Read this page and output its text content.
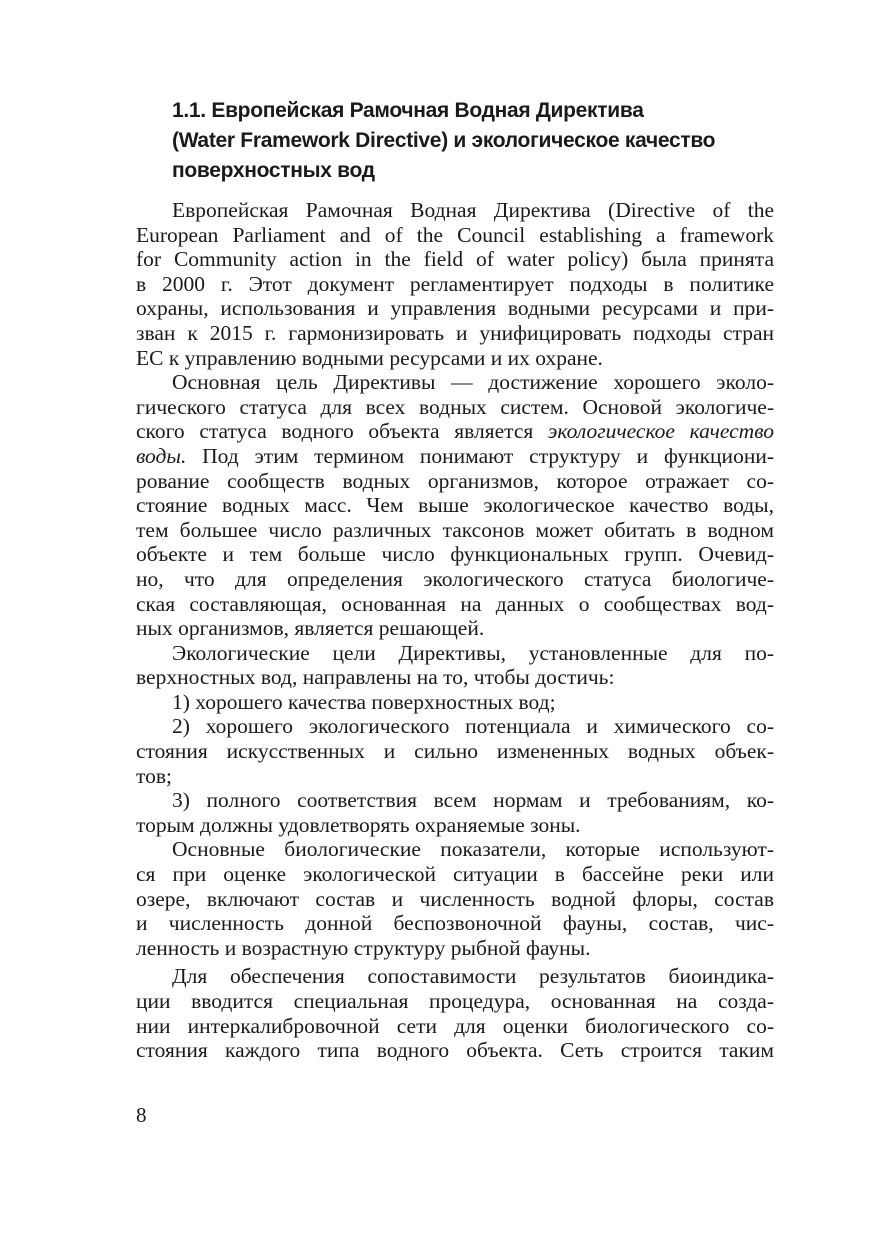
1.1. Европейская Рамочная Водная Директива
(Water Framework Directive) и экологическое качество
поверхностных вод

Европейская Рамочная Водная Директива (Directive of the
European Parliament and of the Council establishing a framework
for Community action in the field of water policy) была принята
в 2000 г. Этот документ регламентирует подходы в политике
охраны, использования и управления водными ресурсами и при-
зван к 2015 г. гармонизировать и унифицировать подходы стран
ЕС к управлению водными ресурсами и их охране.

Основная цель Директивы — достижение хорошего эколо-
гического статуса для всех водных систем. Основой экологиче-
ского статуса водного объекта является экологическое качество
воды. Под этим термином понимают структуру и функциони-
рование сообществ водных организмов, которое отражает со-
стояние водных масс. Чем выше экологическое качество воды,
тем большее число различных таксонов может обитать в водном
объекте и тем больше число функциональных групп. Очевид-
но, что для определения экологического статуса биологиче-
ская составляющая, основанная на данных о сообществах вод-
ных организмов, является решающей.

Экологические цели Директивы, установленные для по-
верхностных вод, направлены на то, чтобы достичь:

1) хорошего качества поверхностных вод;

2) хорошего экологического потенциала и химического со-
стояния искусственных и сильно измененных водных объек-
тов;

3) полного соответствия всем нормам и требованиям, ко-
торым должны удовлетворять охраняемые зоны.

Основные биологические показатели, которые используют-
ся при оценке экологической ситуации в бассейне реки или
озере, включают состав и численность водной флоры, состав
и численность донной беспозвоночной фауны, состав, чис-
ленность и возрастную структуру рыбной фауны.

Для обеспечения сопоставимости результатов биоиндика-
ции вводится специальная процедура, основанная на созда-
нии интеркалибровочной сети для оценки биологического со-
стояния каждого типа водного объекта. Сеть строится таким

8
